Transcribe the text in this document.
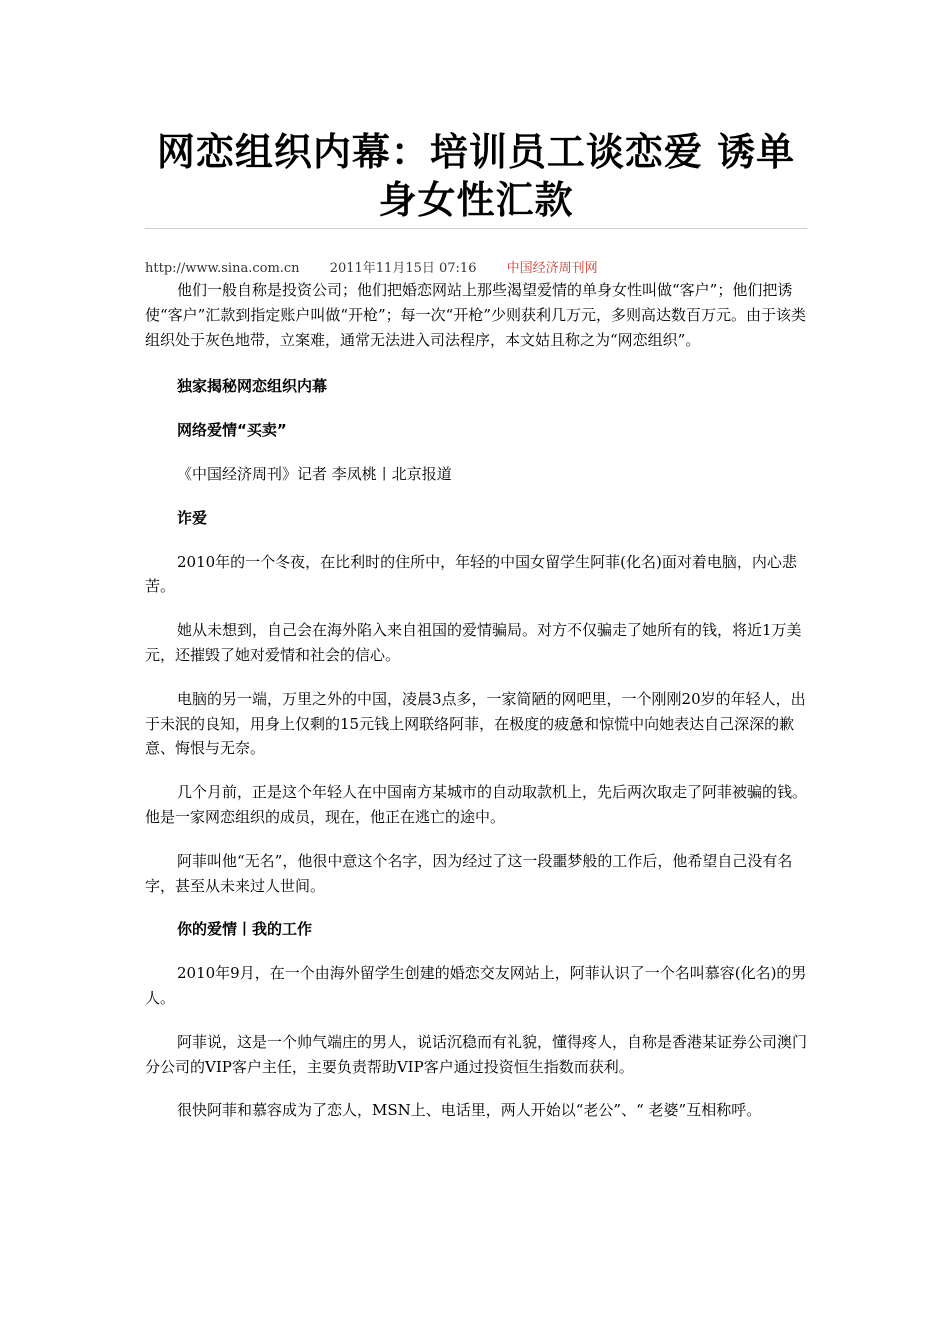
网恋组织内幕：培训员工谈恋爱 诱单身女性汇款
http://www.sina.com.cn 2011年11月15日 07:16 中国经济周刊网

他们一般自称是投资公司；他们把婚恋网站上那些渴望爱情的单身女性叫做“客户”；他们把诱使“客户”汇款到指定账户叫做“开枪”；每一次“开枪”少则获利几万元，多则高达数百万元。由于该类组织处于灰色地带，立案难，通常无法进入司法程序，本文姑且称之为“网恋组织”。

独家揭秘网恋组织内幕

网络爱情“买卖”

《中国经济周刊》记者 李凤桃丨北京报道

诈爱

2010年的一个冬夜，在比利时的住所中，年轻的中国女留学生阿菲(化名)面对着电脑，内心悲苦。

她从未想到，自己会在海外陷入来自祖国的爱情骗局。对方不仅骗走了她所有的钱，将近1万美元，还摧毁了她对爱情和社会的信心。

电脑的另一端，万里之外的中国，凌晨3点多，一家简陋的网吧里，一个刚刚20岁的年轻人，出于未泯的良知，用身上仅剩的15元钱上网联络阿菲，在极度的疲惫和惊慌中向她表达自己深深的歉意、悔恨与无奈。

几个月前，正是这个年轻人在中国南方某城市的自动取款机上，先后两次取走了阿菲被骗的钱。他是一家网恋组织的成员，现在，他正在逃亡的途中。

阿菲叫他“无名”，他很中意这个名字，因为经过了这一段噩梦般的工作后，他希望自己没有名字，甚至从未来过人世间。

你的爱情丨我的工作

2010年9月，在一个由海外留学生创建的婚恋交友网站上，阿菲认识了一个名叫慕容(化名)的男人。

阿菲说，这是一个帅气端庄的男人，说话沉稳而有礼貌，懂得疼人，自称是香港某证券公司澳门分公司的VIP客户主任，主要负责帮助VIP客户通过投资恒生指数而获利。

很快阿菲和慕容成为了恋人，MSN上、电话里，两人开始以“老公”、“ 老婆”互相称呼。
